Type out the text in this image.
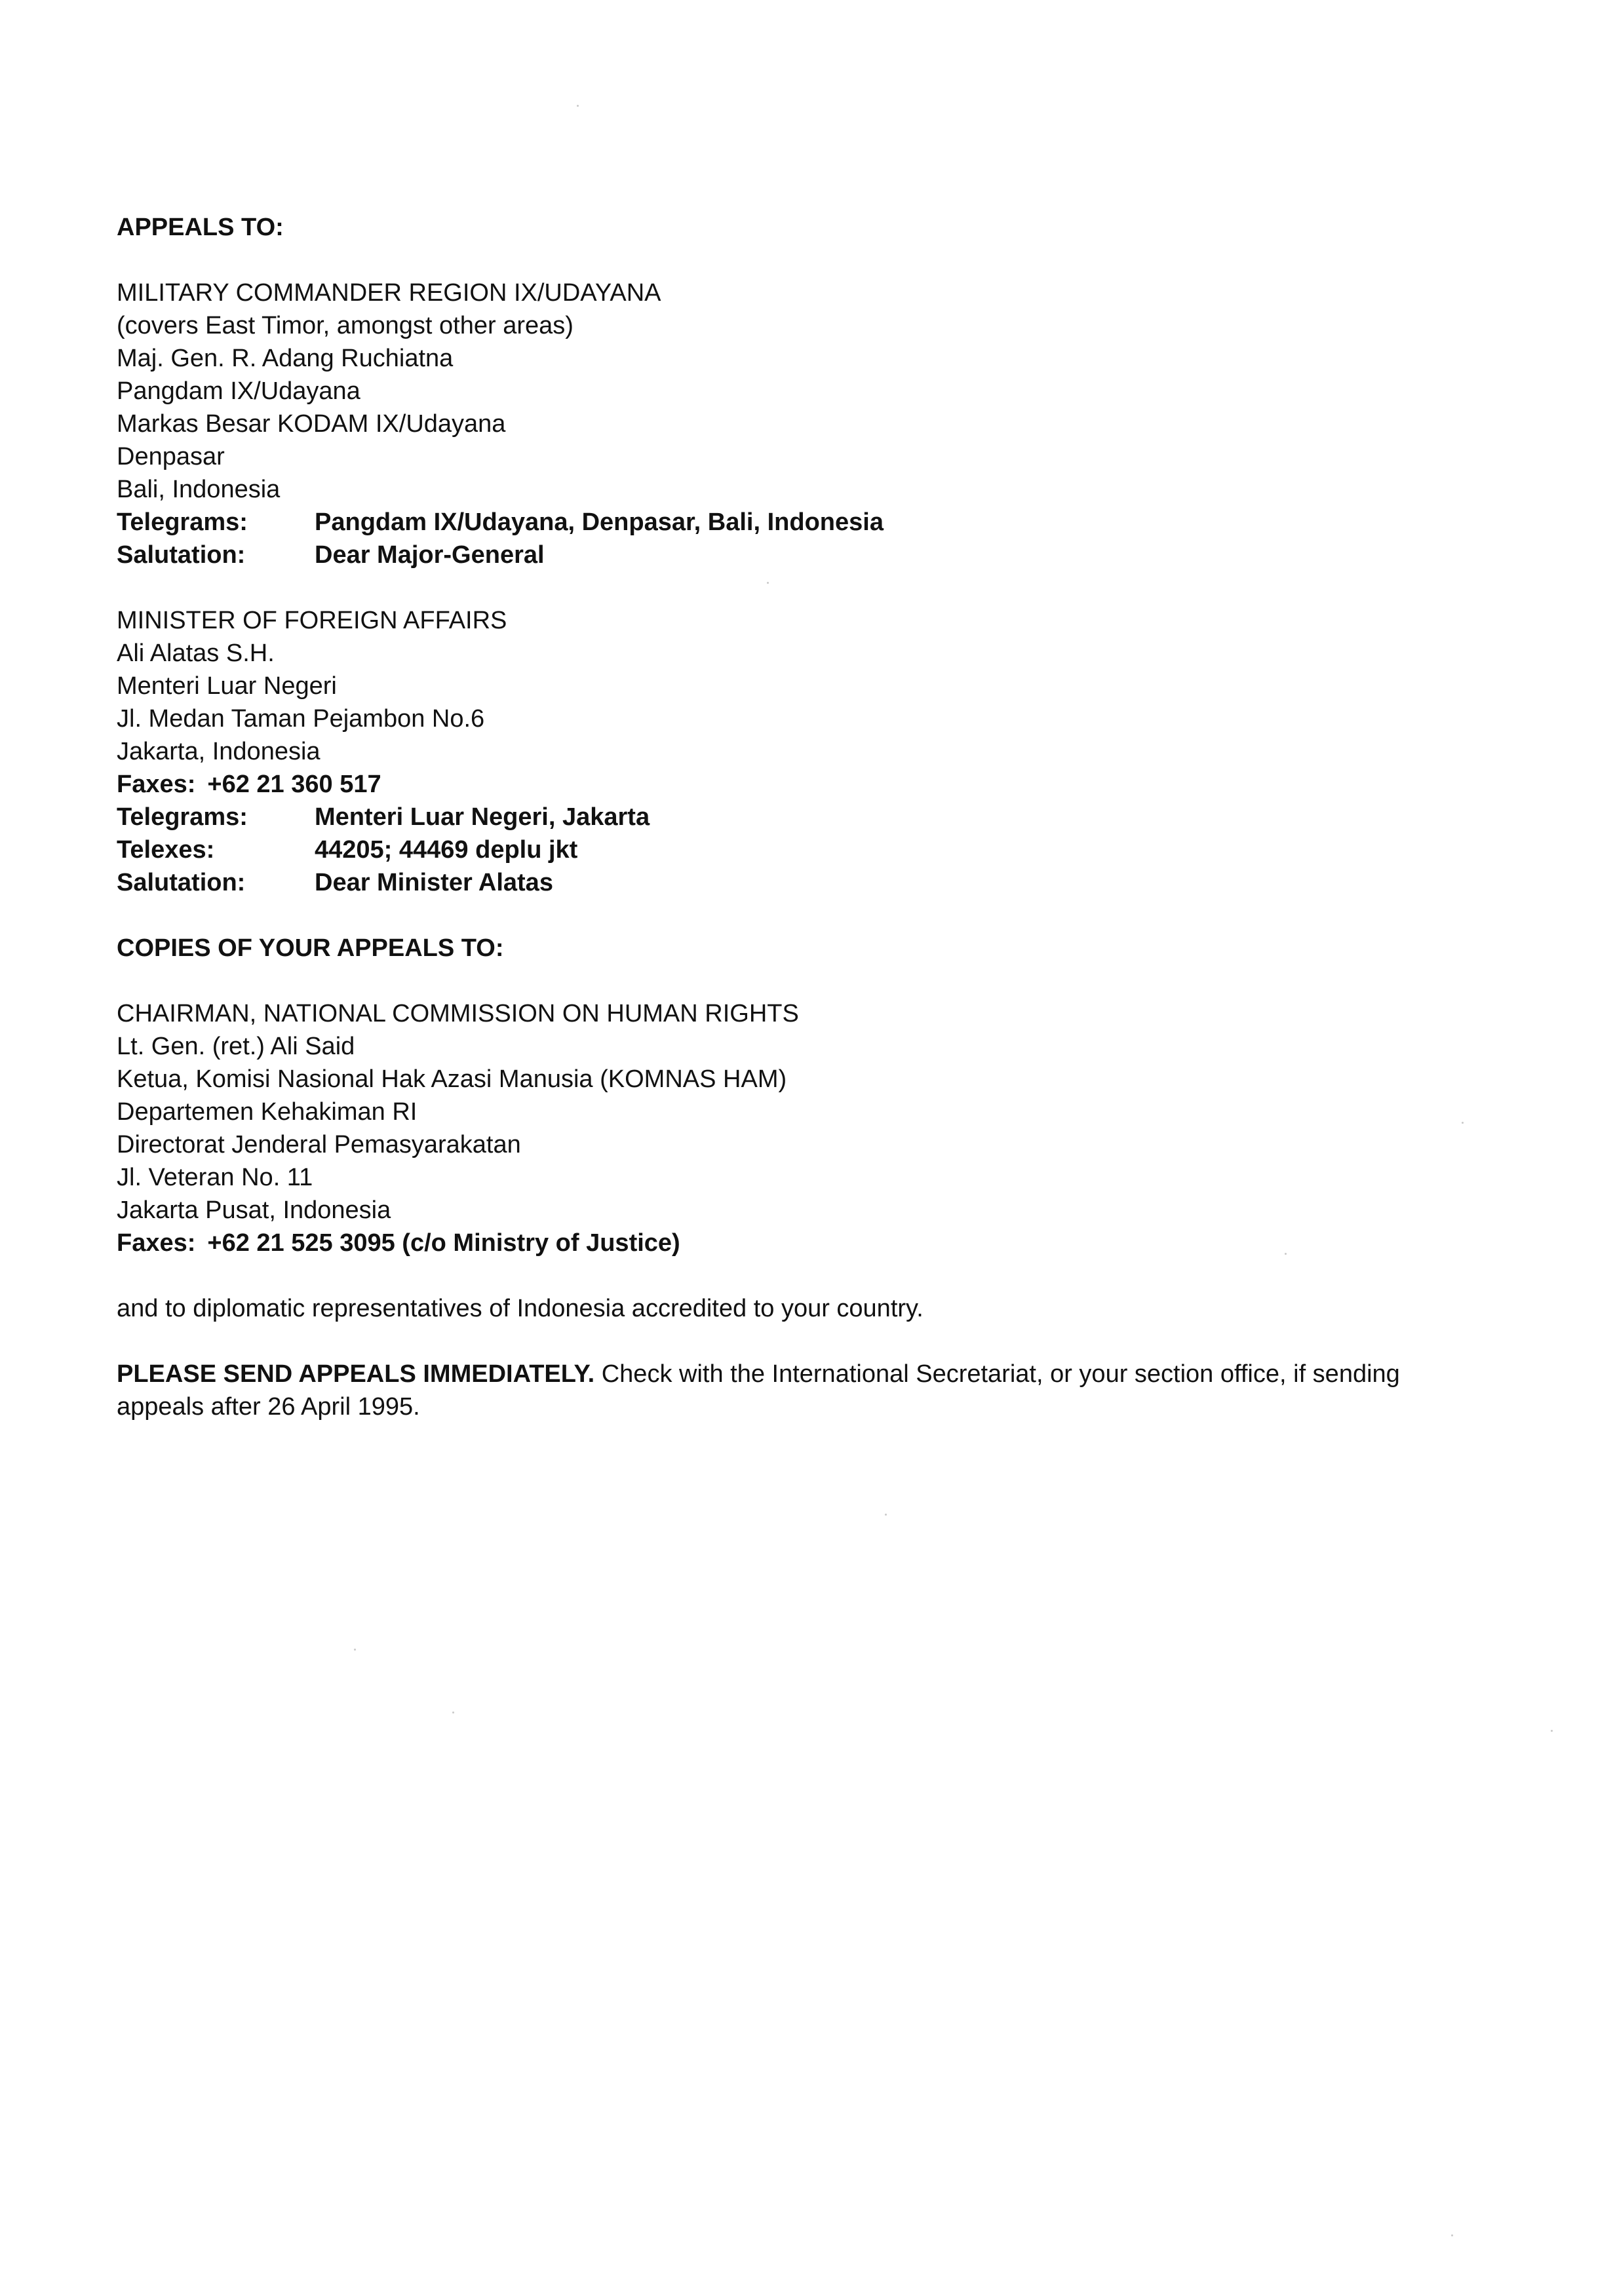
APPEALS TO:
MILITARY COMMANDER REGION IX/UDAYANA
(covers East Timor, amongst other areas)
Maj. Gen. R. Adang Ruchiatna
Pangdam IX/Udayana
Markas Besar KODAM IX/Udayana
Denpasar
Bali, Indonesia
Telegrams:	Pangdam IX/Udayana, Denpasar, Bali, Indonesia
Salutation:	Dear Major-General
MINISTER OF FOREIGN AFFAIRS
Ali Alatas S.H.
Menteri Luar Negeri
Jl. Medan Taman Pejambon No.6
Jakarta, Indonesia
Faxes: +62 21 360 517
Telegrams:	Menteri Luar Negeri, Jakarta
Telexes:	44205; 44469 deplu jkt
Salutation:	Dear Minister Alatas
COPIES OF YOUR APPEALS TO:
CHAIRMAN, NATIONAL COMMISSION ON HUMAN RIGHTS
Lt. Gen. (ret.) Ali Said
Ketua, Komisi Nasional Hak Azasi Manusia (KOMNAS HAM)
Departemen Kehakiman RI
Directorat Jenderal Pemasyarakatan
Jl. Veteran No. 11
Jakarta Pusat, Indonesia
Faxes: +62 21 525 3095 (c/o Ministry of Justice)
and to diplomatic representatives of Indonesia accredited to your country.

PLEASE SEND APPEALS IMMEDIATELY. Check with the International Secretariat, or your section office, if sending appeals after 26 April 1995.
